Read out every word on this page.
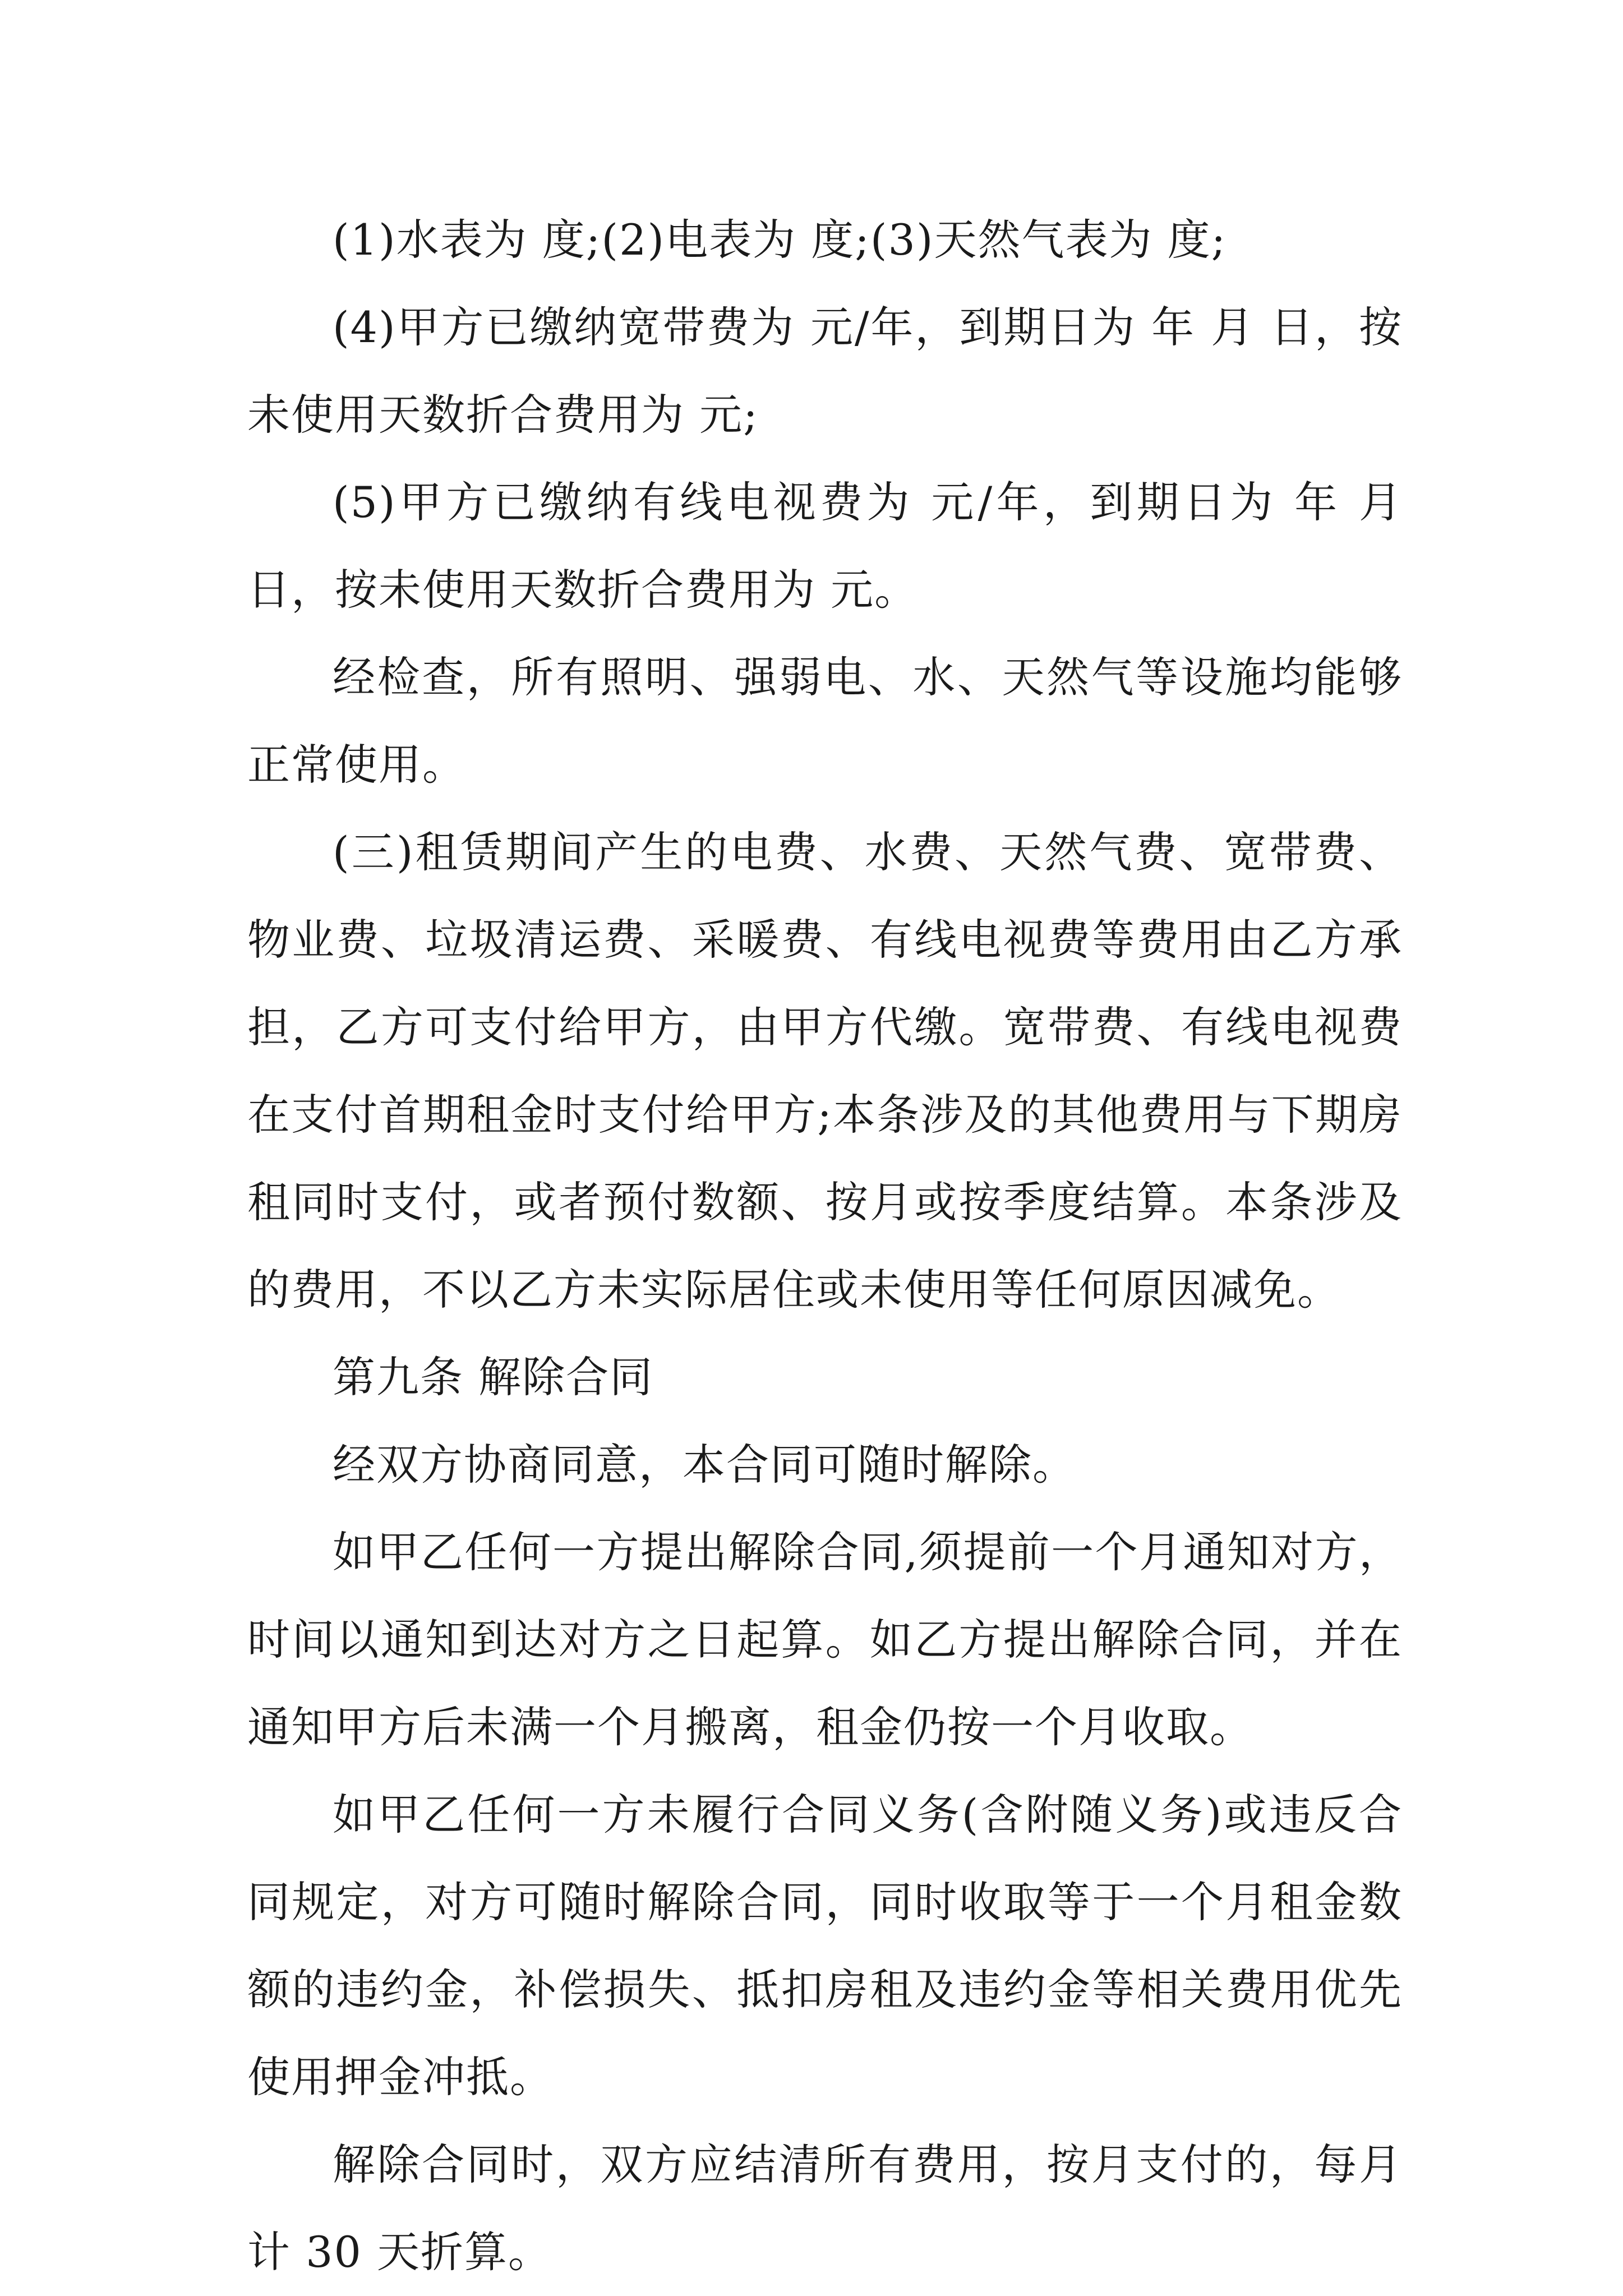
(1)水表为 度;(2)电表为 度;(3)天然气表为 度;

(4)甲方已缴纳宽带费为 元/年，到期日为 年 月 日，按未使用天数折合费用为 元;

(5)甲方已缴纳有线电视费为 元/年，到期日为 年 月 日，按未使用天数折合费用为 元。

经检查，所有照明、强弱电、水、天然气等设施均能够正常使用。

(三)租赁期间产生的电费、水费、天然气费、宽带费、物业费、垃圾清运费、采暖费、有线电视费等费用由乙方承担，乙方可支付给甲方，由甲方代缴。宽带费、有线电视费在支付首期租金时支付给甲方;本条涉及的其他费用与下期房租同时支付，或者预付数额、按月或按季度结算。本条涉及的费用，不以乙方未实际居住或未使用等任何原因减免。

第九条 解除合同

经双方协商同意，本合同可随时解除。

如甲乙任何一方提出解除合同,须提前一个月通知对方，时间以通知到达对方之日起算。如乙方提出解除合同，并在通知甲方后未满一个月搬离，租金仍按一个月收取。

如甲乙任何一方未履行合同义务(含附随义务)或违反合同规定，对方可随时解除合同，同时收取等于一个月租金数额的违约金，补偿损失、抵扣房租及违约金等相关费用优先使用押金冲抵。

解除合同时，双方应结清所有费用，按月支付的，每月计 30 天折算。
